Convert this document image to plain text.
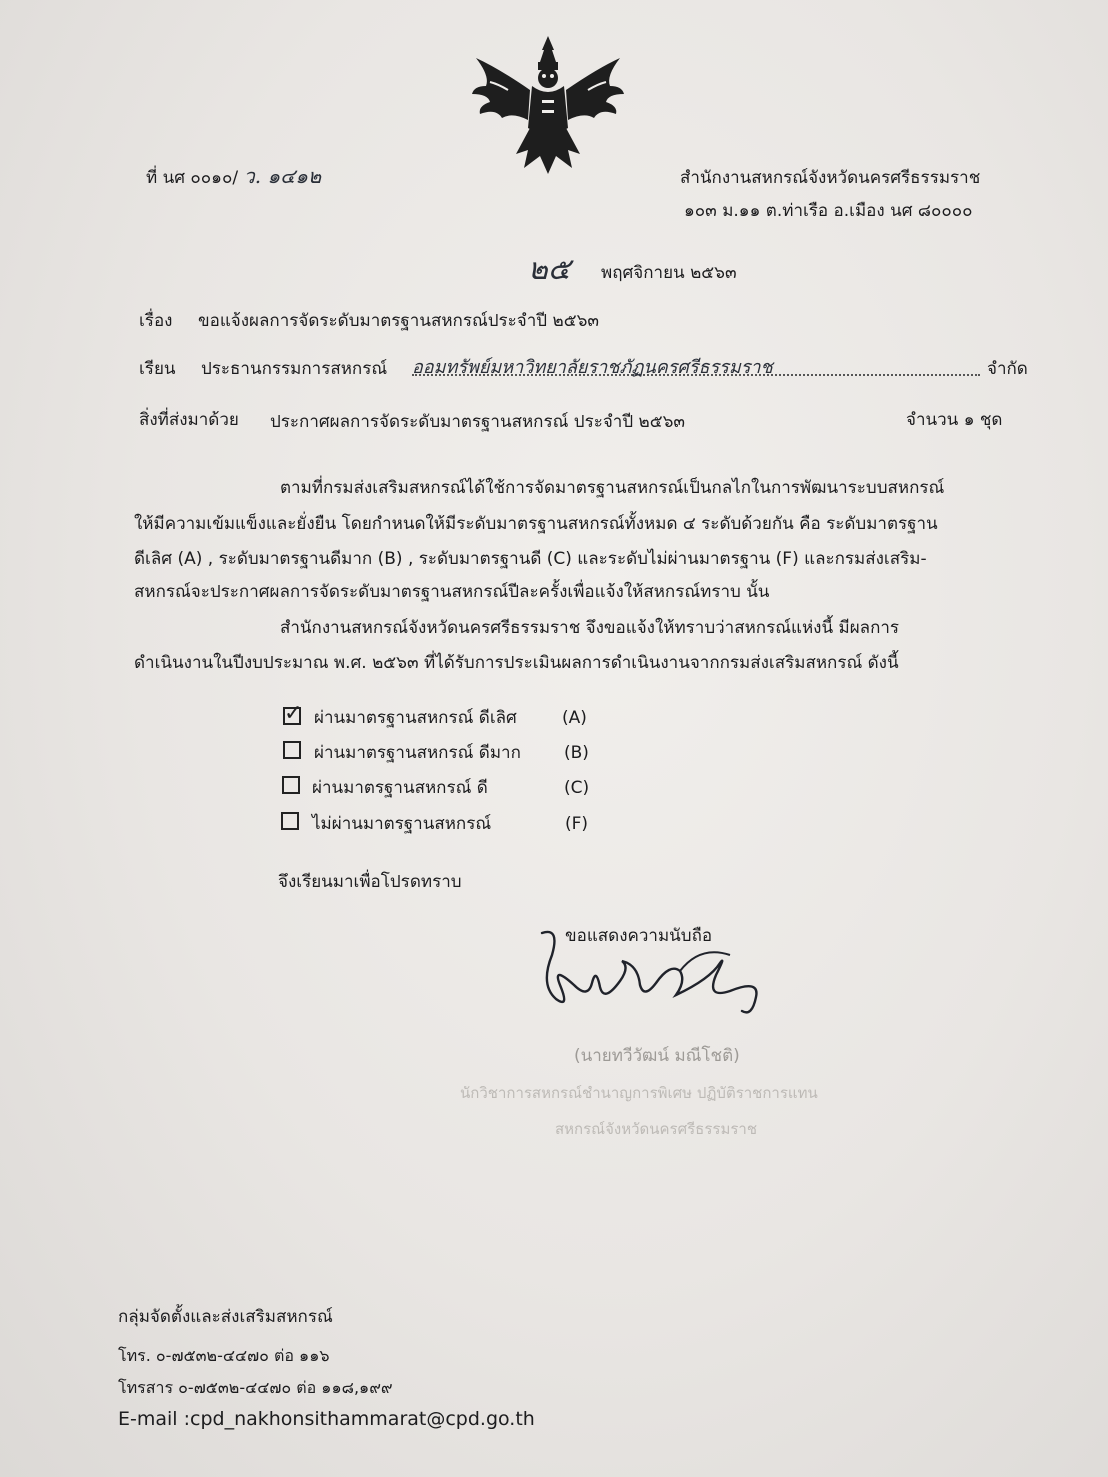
ที่ นศ ๐๐๑๐/ ว. ๑๔๑๒	สำนักงานสหกรณ์จังหวัดนครศรีธรรมราช
๑๐๓ ม.๑๑ ต.ท่าเรือ อ.เมือง นศ ๘๐๐๐๐
๒๕ พฤศจิกายน ๒๕๖๓
เรื่อง ขอแจ้งผลการจัดระดับมาตรฐานสหกรณ์ประจำปี ๒๕๖๓
เรียน ประธานกรรมการสหกรณ์ ออมทรัพย์มหาวิทยาลัยราชภัฏนครศรีธรรมราช	จำกัด
สิ่งที่ส่งมาด้วย ประกาศผลการจัดระดับมาตรฐานสหกรณ์ ประจำปี ๒๕๖๓	จำนวน ๑ ชุด
ตามที่กรมส่งเสริมสหกรณ์ได้ใช้การจัดมาตรฐานสหกรณ์เป็นกลไกในการพัฒนาระบบสหกรณ์
ให้มีความเข้มแข็งและยั่งยืน โดยกำหนดให้มีระดับมาตรฐานสหกรณ์ทั้งหมด ๔ ระดับด้วยกัน คือ ระดับมาตรฐาน
ดีเลิศ (A) , ระดับมาตรฐานดีมาก (B) , ระดับมาตรฐานดี (C) และระดับไม่ผ่านมาตรฐาน (F) และกรมส่งเสริม-
สหกรณ์จะประกาศผลการจัดระดับมาตรฐานสหกรณ์ปีละครั้งเพื่อแจ้งให้สหกรณ์ทราบ นั้น
สำนักงานสหกรณ์จังหวัดนครศรีธรรมราช จึงขอแจ้งให้ทราบว่าสหกรณ์แห่งนี้ มีผลการ
ดำเนินงานในปีงบประมาณ พ.ศ. ๒๕๖๓ ที่ได้รับการประเมินผลการดำเนินงานจากกรมส่งเสริมสหกรณ์ ดังนี้
✓ ผ่านมาตรฐานสหกรณ์ ดีเลิศ	(A)
ผ่านมาตรฐานสหกรณ์ ดีมาก	(B)
ผ่านมาตรฐานสหกรณ์ ดี	(C)
ไม่ผ่านมาตรฐานสหกรณ์	(F)
จึงเรียนมาเพื่อโปรดทราบ
ขอแสดงความนับถือ
(นายทวีวัฒน์ มณีโชติ)
นักวิชาการสหกรณ์ชำนาญการพิเศษ ปฏิบัติราชการแทน
สหกรณ์จังหวัดนครศรีธรรมราช
กลุ่มจัดตั้งและส่งเสริมสหกรณ์
โทร. ๐-๗๕๓๒-๔๔๗๐ ต่อ ๑๑๖
โทรสาร ๐-๗๕๓๒-๔๔๗๐ ต่อ ๑๑๘,๑๙๙
E-mail :cpd_nakhonsithammarat@cpd.go.th
